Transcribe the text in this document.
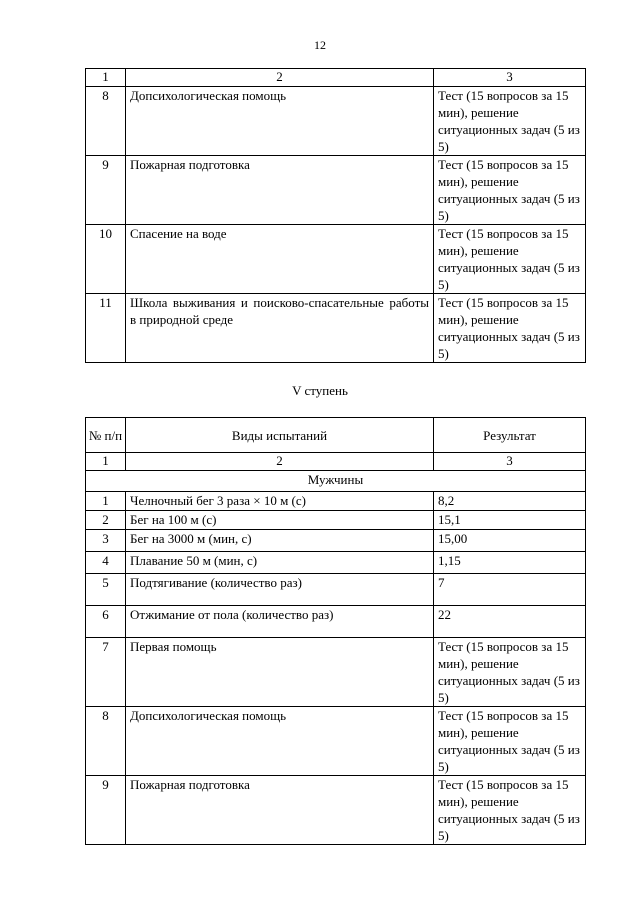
12
1	2	3
8	Допсихологическая помощь	Тест (15 вопросов за 15 мин), решение ситуационных задач (5 из 5)
9	Пожарная подготовка	Тест (15 вопросов за 15 мин), решение ситуационных задач (5 из 5)
10	Спасение на воде	Тест (15 вопросов за 15 мин), решение ситуационных задач (5 из 5)
11	Школа выживания и поисково-спасательные работы в природной среде	Тест (15 вопросов за 15 мин), решение ситуационных задач (5 из 5)
V ступень
№ п/п	Виды испытаний	Результат
1	2	3
Мужчины		
1	Челночный бег 3 раза × 10 м (с)	8,2
2	Бег на 100 м (с)	15,1
3	Бег на 3000 м (мин, с)	15,00
4	Плавание 50 м (мин, с)	1,15
5	Подтягивание (количество раз)	7
6	Отжимание от пола (количество раз)	22
7	Первая помощь	Тест (15 вопросов за 15 мин), решение ситуационных задач (5 из 5)
8	Допсихологическая помощь	Тест (15 вопросов за 15 мин), решение ситуационных задач (5 из 5)
9	Пожарная подготовка	Тест (15 вопросов за 15 мин), решение ситуационных задач (5 из 5)
